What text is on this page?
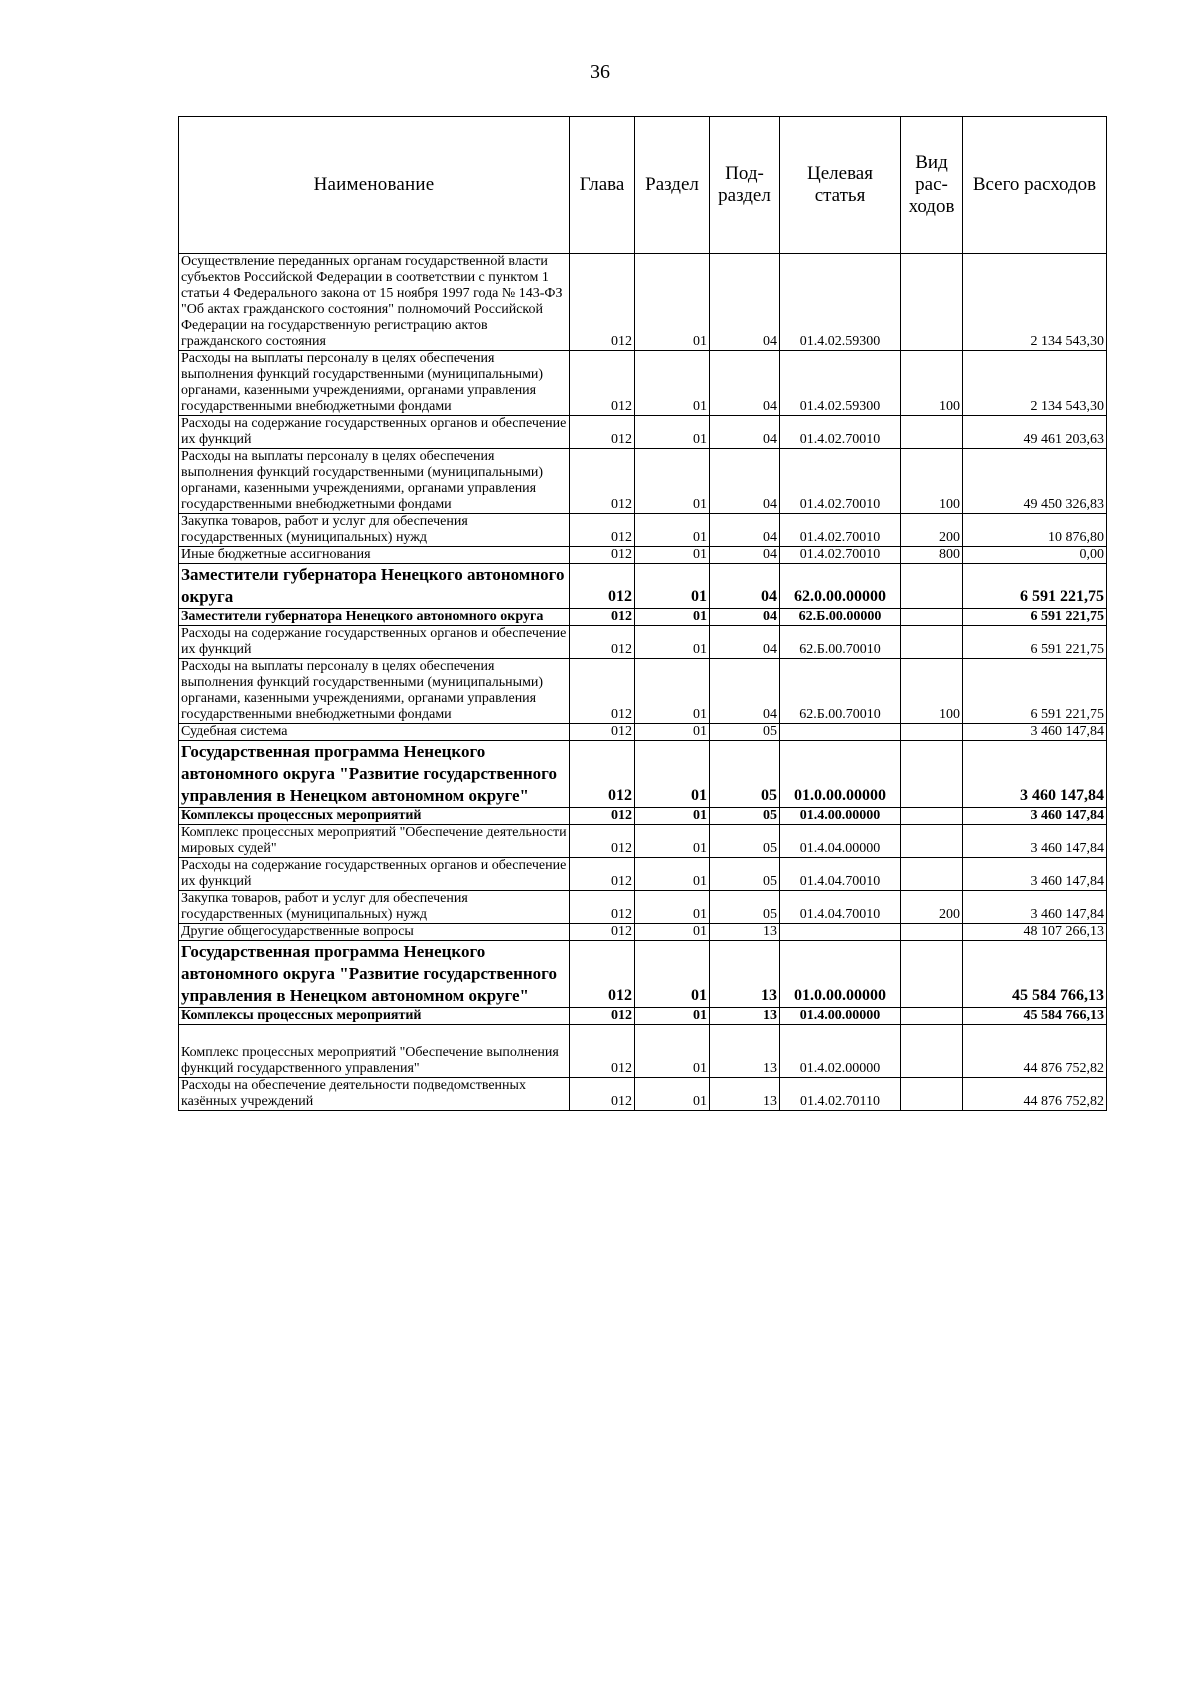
36
Наименование	Глава	Раздел	Под- раздел	Целевая статья	Вид рас- ходов	Всего расходов
Осуществление переданных органам государственной власти субъектов Российской Федерации в соответствии с пунктом 1 статьи 4 Федерального закона от 15 ноября 1997 года № 143-ФЗ "Об актах гражданского состояния" полномочий Российской Федерации на государственную регистрацию актов гражданского состояния	012	01	04	01.4.02.59300		2 134 543,30
Расходы на выплаты персоналу в целях обеспечения выполнения функций государственными (муниципальными) органами, казенными учреждениями, органами управления государственными внебюджетными фондами	012	01	04	01.4.02.59300	100	2 134 543,30
Расходы на содержание государственных органов и обеспечение их функций	012	01	04	01.4.02.70010		49 461 203,63
Расходы на выплаты персоналу в целях обеспечения выполнения функций государственными (муниципальными) органами, казенными учреждениями, органами управления государственными внебюджетными фондами	012	01	04	01.4.02.70010	100	49 450 326,83
Закупка товаров, работ и услуг для обеспечения государственных (муниципальных) нужд	012	01	04	01.4.02.70010	200	10 876,80
Иные бюджетные ассигнования	012	01	04	01.4.02.70010	800	0,00
Заместители губернатора Ненецкого автономного округа	012	01	04	62.0.00.00000		6 591 221,75
Заместители губернатора Ненецкого автономного округа	012	01	04	62.Б.00.00000		6 591 221,75
Расходы на содержание государственных органов и обеспечение их функций	012	01	04	62.Б.00.70010		6 591 221,75
Расходы на выплаты персоналу в целях обеспечения выполнения функций государственными (муниципальными) органами, казенными учреждениями, органами управления государственными внебюджетными фондами	012	01	04	62.Б.00.70010	100	6 591 221,75
Судебная система	012	01	05			3 460 147,84
Государственная программа Ненецкого автономного округа "Развитие государственного управления в Ненецком автономном округе"	012	01	05	01.0.00.00000		3 460 147,84
Комплексы процессных мероприятий	012	01	05	01.4.00.00000		3 460 147,84
Комплекс процессных мероприятий "Обеспечение деятельности мировых судей"	012	01	05	01.4.04.00000		3 460 147,84
Расходы на содержание государственных органов и обеспечение их функций	012	01	05	01.4.04.70010		3 460 147,84
Закупка товаров, работ и услуг для обеспечения государственных (муниципальных) нужд	012	01	05	01.4.04.70010	200	3 460 147,84
Другие общегосударственные вопросы	012	01	13			48 107 266,13
Государственная программа Ненецкого автономного округа "Развитие государственного управления в Ненецком автономном округе"	012	01	13	01.0.00.00000		45 584 766,13
Комплексы процессных мероприятий	012	01	13	01.4.00.00000		45 584 766,13
Комплекс процессных мероприятий "Обеспечение выполнения функций государственного управления"	012	01	13	01.4.02.00000		44 876 752,82
Расходы на обеспечение деятельности подведомственных казённых учреждений	012	01	13	01.4.02.70110		44 876 752,82
